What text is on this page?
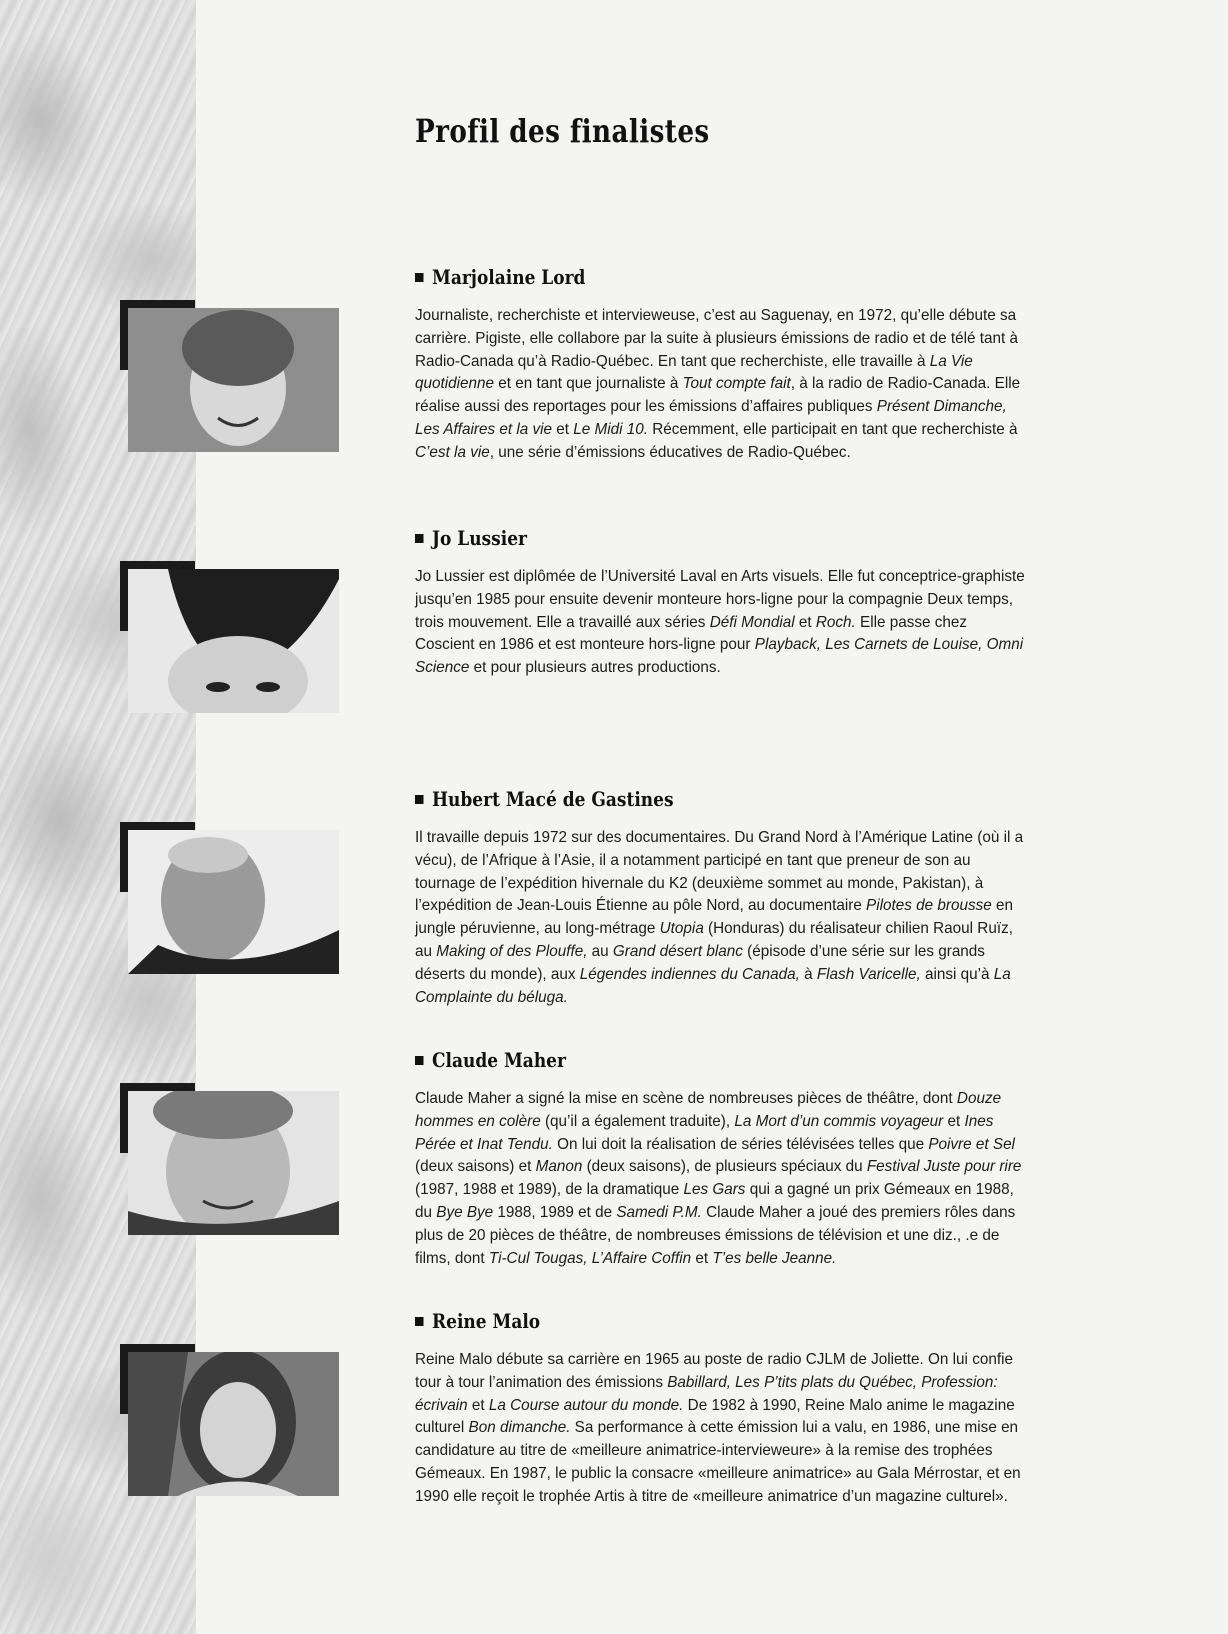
Profil des finalistes
Marjolaine Lord

Journaliste, recherchiste et intervieweuse, c’est au Saguenay, en 1972, qu’elle débute sa carrière. Pigiste, elle collabore par la suite à plusieurs émissions de radio et de télé tant à Radio-Canada qu’à Radio-Québec. En tant que recherchiste, elle travaille à La Vie quotidienne et en tant que journaliste à Tout compte fait, à la radio de Radio-Canada. Elle réalise aussi des reportages pour les émissions d’affaires publiques Présent Dimanche, Les Affaires et la vie et Le Midi 10. Récemment, elle participait en tant que recherchiste à C’est la vie, une série d’émissions éducatives de Radio-Québec.

Jo Lussier

Jo Lussier est diplômée de l’Université Laval en Arts visuels. Elle fut conceptrice-graphiste jusqu’en 1985 pour ensuite devenir monteure hors-ligne pour la compagnie Deux temps, trois mouvement. Elle a travaillé aux séries Défi Mondial et Roch. Elle passe chez Coscient en 1986 et est monteure hors-ligne pour Playback, Les Carnets de Louise, Omni Science et pour plusieurs autres productions.

Hubert Macé de Gastines

Il travaille depuis 1972 sur des documentaires. Du Grand Nord à l’Amérique Latine (où il a vécu), de l’Afrique à l’Asie, il a notamment participé en tant que preneur de son au tournage de l’expédition hivernale du K2 (deuxième sommet au monde, Pakistan), à l’expédition de Jean-Louis Étienne au pôle Nord, au documentaire Pilotes de brousse en jungle péruvienne, au long-métrage Utopia (Honduras) du réalisateur chilien Raoul Ruïz, au Making of des Plouffe, au Grand désert blanc (épisode d’une série sur les grands déserts du monde), aux Légendes indiennes du Canada, à Flash Varicelle, ainsi qu’à La Complainte du béluga.

Claude Maher

Claude Maher a signé la mise en scène de nombreuses pièces de théâtre, dont Douze hommes en colère (qu’il a également traduite), La Mort d’un commis voyageur et Ines Pérée et Inat Tendu. On lui doit la réalisation de séries télévisées telles que Poivre et Sel (deux saisons) et Manon (deux saisons), de plusieurs spéciaux du Festival Juste pour rire (1987, 1988 et 1989), de la dramatique Les Gars qui a gagné un prix Gémeaux en 1988, du Bye Bye 1988, 1989 et de Samedi P.M. Claude Maher a joué des premiers rôles dans plus de 20 pièces de théâtre, de nombreuses émissions de télévision et une diz., .e de films, dont Ti-Cul Tougas, L’Affaire Coffin et T’es belle Jeanne.

Reine Malo

Reine Malo débute sa carrière en 1965 au poste de radio CJLM de Joliette. On lui confie tour à tour l’animation des émissions Babillard, Les P’tits plats du Québec, Profession: écrivain et La Course autour du monde. De 1982 à 1990, Reine Malo anime le magazine culturel Bon dimanche. Sa performance à cette émission lui a valu, en 1986, une mise en candidature au titre de «meilleure animatrice-intervieweure» à la remise des trophées Gémeaux. En 1987, le public la consacre «meilleure animatrice» au Gala Mérrostar, et en 1990 elle reçoit le trophée Artis à titre de «meilleure animatrice d’un magazine culturel».
